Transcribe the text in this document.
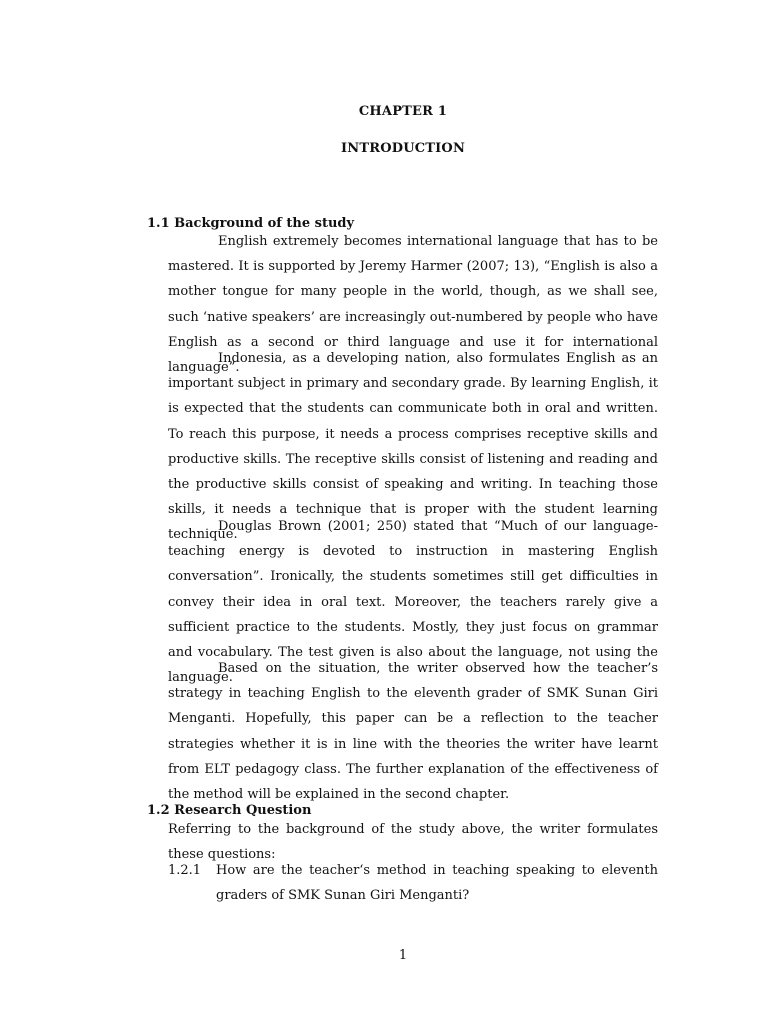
CHAPTER 1
INTRODUCTION
1.1 Background of the study

English extremely becomes international language that has to be mastered. It is supported by Jeremy Harmer (2007; 13), “English is also a mother tongue for many people in the world, though, as we shall see, such ‘native speakers’ are increasingly out-numbered by people who have English as a second or third language and use it for international language”.

Indonesia, as a developing nation, also formulates English as an important subject in primary and secondary grade. By learning English, it is expected that the students can communicate both in oral and written. To reach this purpose, it needs a process comprises receptive skills and productive skills. The receptive skills consist of listening and reading and the productive skills consist of speaking and writing. In teaching those skills, it needs a technique that is proper with the student learning technique.

Douglas Brown (2001; 250) stated that “Much of our language-teaching energy is devoted to instruction in mastering English conversation”. Ironically, the students sometimes still get difficulties in convey their idea in oral text. Moreover, the teachers rarely give a sufficient practice to the students. Mostly, they just focus on grammar and vocabulary. The test given is also about the language, not using the language.

Based on the situation, the writer observed how the teacher’s strategy in teaching English to the eleventh grader of SMK Sunan Giri Menganti. Hopefully, this paper can be a reflection to the teacher strategies whether it is in line with the theories the writer have learnt from ELT pedagogy class. The further explanation of the effectiveness of the method will be explained in the second chapter.

1.2 Research Question

Referring to the background of the study above, the writer formulates these questions:

1.2.1 How are the teacher‘s method in teaching speaking to eleventh graders of SMK Sunan Giri Menganti?
1
